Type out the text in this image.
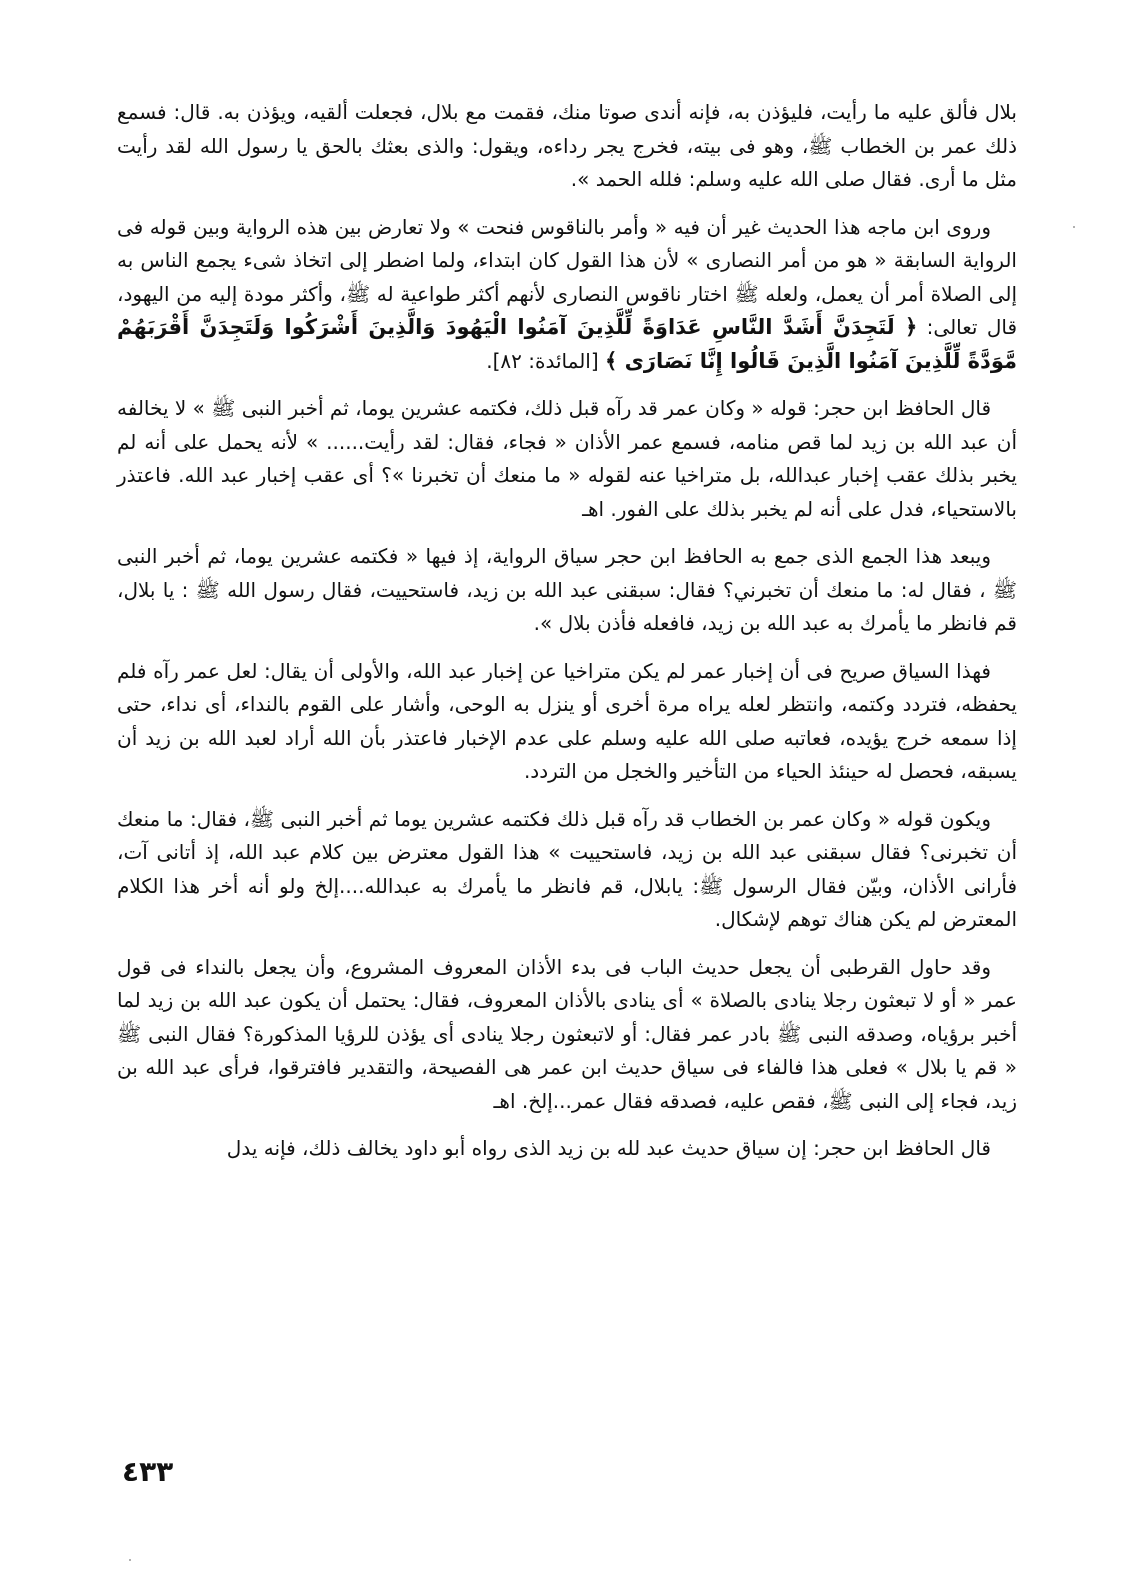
بلال فألق عليه ما رأيت، فليؤذن به، فإنه أندى صوتا منك، فقمت مع بلال، فجعلت ألقيه، ويؤذن به. قال: فسمع ذلك عمر بن الخطاب ﷺ، وهو فى بيته، فخرج يجر رداءه، ويقول: والذى بعثك بالحق يا رسول الله لقد رأيت مثل ما أرى. فقال صلى الله عليه وسلم: فلله الحمد ».

وروى ابن ماجه هذا الحديث غير أن فيه « وأمر بالناقوس فنحت » ولا تعارض بين هذه الرواية وبين قوله فى الرواية السابقة « هو من أمر النصارى » لأن هذا القول كان ابتداء، ولما اضطر إلى اتخاذ شىء يجمع الناس به إلى الصلاة أمر أن يعمل، ولعله ﷺ اختار ناقوس النصارى لأنهم أكثر طواعية له ﷺ، وأكثر مودة إليه من اليهود، قال تعالى: ﴿ لَتَجِدَنَّ أَشَدَّ النَّاسِ عَدَاوَةً لِّلَّذِينَ آمَنُوا الْيَهُودَ وَالَّذِينَ أَشْرَكُوا وَلَتَجِدَنَّ أَقْرَبَهُمْ مَّوَدَّةً لِّلَّذِينَ آمَنُوا الَّذِينَ قَالُوا إِنَّا نَصَارَى ﴾ [المائدة: ٨٢].

قال الحافظ ابن حجر: قوله « وكان عمر قد رآه قبل ذلك، فكتمه عشرين يوما، ثم أخبر النبى ﷺ » لا يخالفه أن عبد الله بن زيد لما قص منامه، فسمع عمر الأذان « فجاء، فقال: لقد رأيت...... » لأنه يحمل على أنه لم يخبر بذلك عقب إخبار عبدالله، بل متراخيا عنه لقوله « ما منعك أن تخبرنا »؟ أى عقب إخبار عبد الله. فاعتذر بالاستحياء، فدل على أنه لم يخبر بذلك على الفور. اهـ

ويبعد هذا الجمع الذى جمع به الحافظ ابن حجر سياق الرواية، إذ فيها « فكتمه عشرين يوما، ثم أخبر النبى ﷺ ، فقال له: ما منعك أن تخبرني؟ فقال: سبقنى عبد الله بن زيد، فاستحييت، فقال رسول الله ﷺ : يا بلال، قم فانظر ما يأمرك به عبد الله بن زيد، فافعله فأذن بلال ».

فهذا السياق صريح فى أن إخبار عمر لم يكن متراخيا عن إخبار عبد الله، والأولى أن يقال: لعل عمر رآه فلم يحفظه، فتردد وكتمه، وانتظر لعله يراه مرة أخرى أو ينزل به الوحى، وأشار على القوم بالنداء، أى نداء، حتى إذا سمعه خرج يؤيده، فعاتبه صلى الله عليه وسلم على عدم الإخبار فاعتذر بأن الله أراد لعبد الله بن زيد أن يسبقه، فحصل له حينئذ الحياء من التأخير والخجل من التردد.

ويكون قوله « وكان عمر بن الخطاب قد رآه قبل ذلك فكتمه عشرين يوما ثم أخبر النبى ﷺ، فقال: ما منعك أن تخبرنى؟ فقال سبقنى عبد الله بن زيد، فاستحييت » هذا القول معترض بين كلام عبد الله، إذ أتانى آت، فأرانى الأذان، وبيّن فقال الرسول ﷺ: يابلال، قم فانظر ما يأمرك به عبدالله....إلخ ولو أنه أخر هذا الكلام المعترض لم يكن هناك توهم لإشكال.

وقد حاول القرطبى أن يجعل حديث الباب فى بدء الأذان المعروف المشروع، وأن يجعل بالنداء فى قول عمر « أو لا تبعثون رجلا ينادى بالصلاة » أى ينادى بالأذان المعروف، فقال: يحتمل أن يكون عبد الله بن زيد لما أخبر برؤياه، وصدقه النبى ﷺ بادر عمر فقال: أو لاتبعثون رجلا ينادى أى يؤذن للرؤيا المذكورة؟ فقال النبى ﷺ « قم يا بلال » فعلى هذا فالفاء فى سياق حديث ابن عمر هى الفصيحة، والتقدير فافترقوا، فرأى عبد الله بن زيد، فجاء إلى النبى ﷺ، فقص عليه، فصدقه فقال عمر...إلخ. اهـ

قال الحافظ ابن حجر: إن سياق حديث عبد لله بن زيد الذى رواه أبو داود يخالف ذلك، فإنه يدل

٤٣٣
